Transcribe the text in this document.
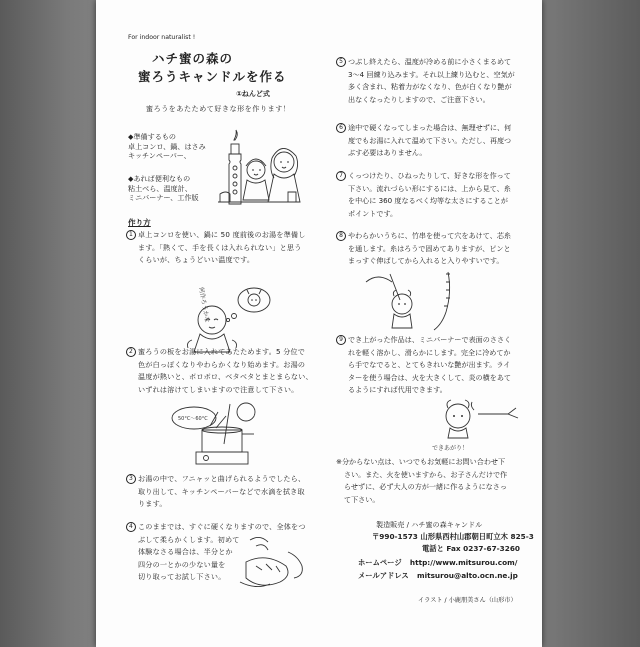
For indoor naturalist !
ハチ蜜の森の
蜜ろうキャンドルを作る
①ねんど式
蜜ろうをあたためて好きな形を作ります！
◆準備するもの
卓上コンロ、鍋、はさみ
キッチンペーパー、
◆あれば便利なもの
粘土べら、温度計、
ミニバーナー、工作版
作り方

1 卓上コンロを使い、鍋に 50 度前後のお湯を準備し

ます。「熱くて、手を長くは入れられない」と思う

くらいが、ちょうどいい温度です。

何作ろうかな

2 蜜ろうの板をお湯に入れてあたためます。5 分位で

色が白っぽくなりやわらかくなり始めます。お湯の

温度が熱いと、ボロボロ、ベタベタとまとまらない、

いずれは溶けてしまいますので注意して下さい。

50°C〜60°C

3 お湯の中で、フニャッと曲げられるようでしたら、

取り出して、キッチンペーパーなどで水滴を拭き取

ります。

4 このままでは、すぐに硬くなりますので、全体をつ

ぶして柔らかくします。初めて

体験なさる場合は、半分とか

四分の一とかの少ない量を

切り取ってお試し下さい。

5 つぶし終えたら、温度が冷める前に小さくまるめて

3〜4 回練り込みます。それ以上練り込むと、空気が

多く含まれ、粘着力がなくなり、色が白くなり艶が

出なくなったりしますので、ご注意下さい。

6 途中で硬くなってしまった場合は、無理せずに、何

度でもお湯に入れて温めて下さい。ただし、再度つ

ぶす必要はありません。

7 くっつけたり、ひねったりして、好きな形を作って

下さい。流れづらい形にするには、上から見て、糸

を中心に 360 度なるべく均等な太さにすることが

ポイントです。

8 やわらかいうちに、竹串を使って穴をあけて、芯糸

を通します。糸はろうで固めてありますが、ピンと

まっすぐ伸ばしてから入れると入りやすいです。

9 でき上がった作品は、ミニバーナーで表面のささく

れを軽く溶かし、滑らかにします。完全に冷めてか

ら手でなでると、とてもきれいな艶が出ます。ライ

ターを使う場合は、火を大きくして、炎の横をあて

るようにすれば代用できます。

できあがり！

※分からない点は、いつでもお気軽にお問い合わせ下

さい。また、火を使いますから、お子さんだけで作

らせずに、必ず大人の方が一緒に作るようになさっ

て下さい。

製造販売 / ハチ蜜の森キャンドル
〒990-1573 山形県西村山郡朝日町立木 825-3
電話と Fax 0237-67-3260
ホームページ http://www.mitsurou.com/
メールアドレス mitsurou@alto.ocn.ne.jp
イラスト / 小鹿朋美さん（山形市）
